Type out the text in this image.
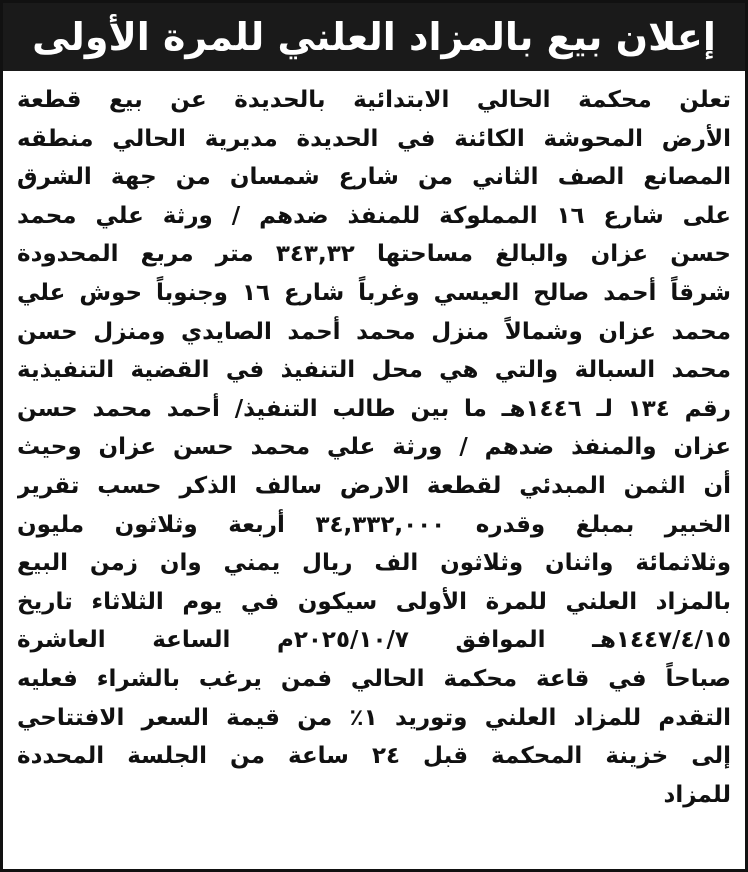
إعلان بيع بالمزاد العلني للمرة الأولى
تعلن محكمة الحالي الابتدائية بالحديدة عن بيع قطعة
الأرض المحوشة الكائنة في الحديدة مديرية الحالي منطقه
المصانع الصف الثاني من شارع شمسان من جهة الشرق
على شارع ١٦ المملوكة للمنفذ ضدهم / ورثة علي محمد
حسن عزان والبالغ مساحتها ٣٤٣,٣٢ متر مربع المحدودة
شرقاً أحمد صالح العيسي وغرباً شارع ١٦ وجنوباً حوش علي
محمد عزان وشمالاً منزل محمد أحمد الصايدي ومنزل حسن
محمد السبالة والتي هي محل التنفيذ في القضية التنفيذية
رقم ١٣٤ لـ ١٤٤٦هـ ما بين طالب التنفيذ/ أحمد محمد حسن
عزان والمنفذ ضدهم / ورثة علي محمد حسن عزان وحيث
أن الثمن المبدئي لقطعة الارض سالف الذكر حسب تقرير
الخبير بمبلغ وقدره ٣٤,٣٣٢,٠٠٠ أربعة وثلاثون مليون
وثلاثمائة واثنان وثلاثون الف ريال يمني وان زمن البيع
بالمزاد العلني للمرة الأولى سيكون في يوم الثلاثاء تاريخ
١٤٤٧/٤/١٥هـ الموافق ٢٠٢٥/١٠/٧م الساعة العاشرة
صباحاً في قاعة محكمة الحالي فمن يرغب بالشراء فعليه
التقدم للمزاد العلني وتوريد ١٪ من قيمة السعر الافتتاحي
إلى خزينة المحكمة قبل ٢٤ ساعة من الجلسة المحددة
للمزاد
